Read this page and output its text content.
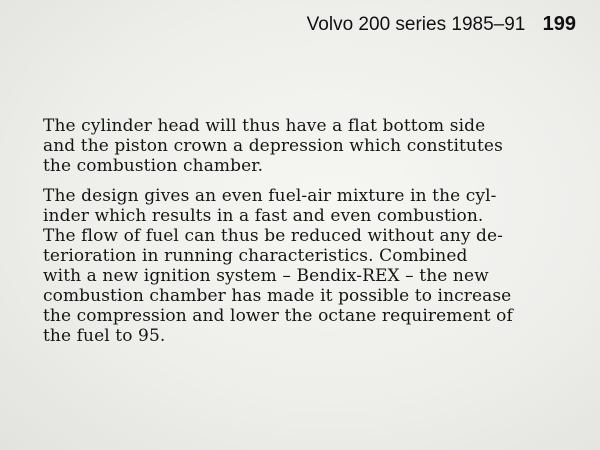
Volvo 200 series 1985–91 199

The cylinder head will thus have a flat bottom side
and the piston crown a depression which constitutes
the combustion chamber.

The design gives an even fuel-air mixture in the cyl-
inder which results in a fast and even combustion.
The flow of fuel can thus be reduced without any de-
terioration in running characteristics. Combined
with a new ignition system – Bendix-REX – the new
combustion chamber has made it possible to increase
the compression and lower the octane requirement of
the fuel to 95.
